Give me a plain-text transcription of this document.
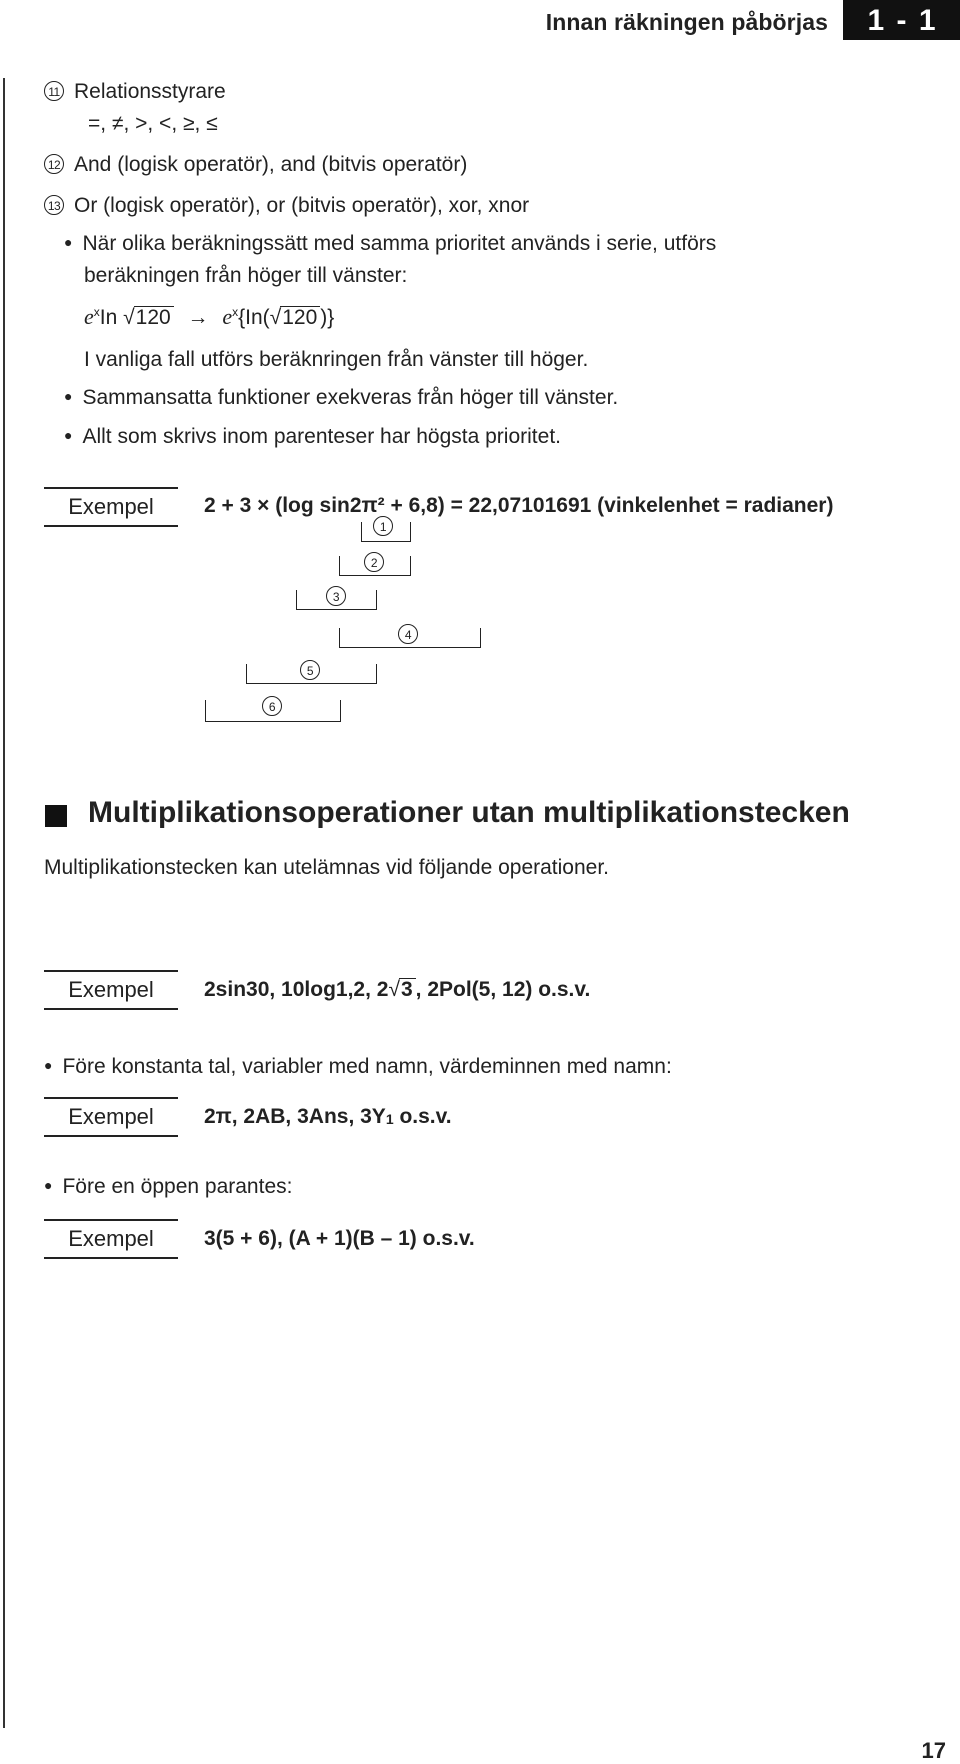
Innan räkningen påbörjas	1 - 1
11 Relationsstyrare
=, ≠, >, <, ≥, ≤
12 And (logisk operatör), and (bitvis operatör)
13 Or (logisk operatör), or (bitvis operatör), xor, xnor
● När olika beräkningssätt med samma prioritet används i serie, utförs
beräkningen från höger till vänster:
$e^xIn$ $√120 \to e^x\{In(√120$ )}
I vanliga fall utförs beräknringen från vänster till höger.
● Sammansatta funktioner exekveras från höger till vänster.
● Allt som skrivs inom parenteser har högsta prioritet.
Exempel	2 + 3 × (log sin2π² + 6,8) = 22,07101691 (vinkelenhet = radianer)
1
2
3
4
5
6
Multiplikationsoperationer utan multiplikationstecken
Multiplikationstecken kan utelämnas vid följande operationer.
Exempel	2sin30, 10log1,2, 2√3 , 2Pol(5, 12) o.s.v.
● Före konstanta tal, variabler med namn, värdeminnen med namn:
Exempel	2π, 2AB, 3Ans, 3Y1 o.s.v.
● Före en öppen parantes:
Exempel	3(5 + 6), (A + 1)(B – 1) o.s.v.
17
